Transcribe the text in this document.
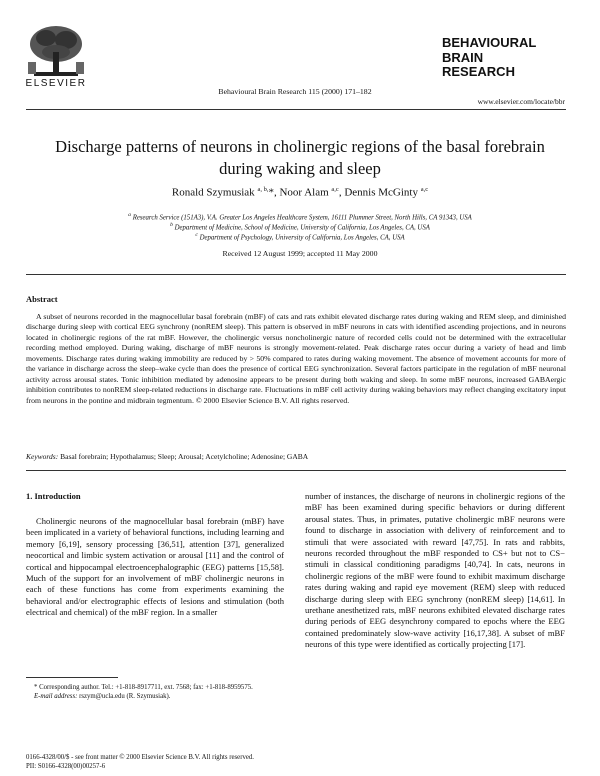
ELSEVIER
Behavioural Brain Research 115 (2000) 171–182
BEHAVIOURAL
BRAIN
RESEARCH
www.elsevier.com/locate/bbr
Discharge patterns of neurons in cholinergic regions of the basal forebrain during waking and sleep
Ronald Szymusiak $^{a, b,}$*, Noor Alam $^{a,c}$, Dennis McGinty $^{a,c}$
$^a$ Research Service (151A3), V.A. Greater Los Angeles Healthcare System, 16111 Plummer Street, North Hills, CA 91343, USA
$^b$ Department of Medicine, School of Medicine, University of California, Los Angeles, CA, USA
$^c$ Department of Psychology, University of California, Los Angeles, CA, USA
Received 12 August 1999; accepted 11 May 2000
Abstract
A subset of neurons recorded in the magnocellular basal forebrain (mBF) of cats and rats exhibit elevated discharge rates during waking and REM sleep, and diminished discharge during sleep with cortical EEG synchrony (nonREM sleep). This pattern is observed in mBF neurons in cats with identified ascending projections, and in neurons located in cholinergic regions of the rat mBF. However, the cholinergic versus noncholinergic nature of recorded cells could not be determined with the extracellular recording method employed. During waking, discharge of mBF neurons is strongly movement-related. Peak discharge rates occur during a variety of head and limb movements. Discharge rates during waking immobility are reduced by > 50% compared to rates during waking movement. The absence of movement accounts for more of the variance in discharge across the sleep–wake cycle than does the presence of cortical EEG synchronization. Several factors participate in the regulation of mBF neuronal activity across arousal states. Tonic inhibition mediated by adenosine appears to be present during both waking and sleep. In some mBF neurons, increased GABAergic inhibition contributes to nonREM sleep-related reductions in discharge rate. Fluctuations in mBF cell activity during waking behaviors may reflect changing excitatory input from neurons in the pontine and midbrain tegmentum. © 2000 Elsevier Science B.V. All rights reserved.
Keywords: Basal forebrain; Hypothalamus; Sleep; Arousal; Acetylcholine; Adenosine; GABA
1. Introduction
Cholinergic neurons of the magnocellular basal forebrain (mBF) have been implicated in a variety of behavioral functions, including learning and memory [6,19], sensory processing [36,51], attention [37], generalized neocortical and limbic system activation or arousal [11] and the control of cortical and hippocampal electroencephalographic (EEG) patterns [15,58]. Much of the support for an involvement of mBF cholinergic neurons in each of these functions has come from experiments examining the behavioral and/or electrographic effects of lesions and stimulation (both electrical and chemical) of the mBF region. In a smaller
number of instances, the discharge of neurons in cholinergic regions of the mBF has been examined during specific behaviors or during different arousal states. Thus, in primates, putative cholinergic mBF neurons were found to discharge in association with delivery of reinforcement and to stimuli that were associated with reward [47,75]. In rats and rabbits, neurons recorded throughout the mBF responded to CS+ but not to CS− stimuli in classical conditioning paradigms [40,74]. In cats, neurons in cholinergic regions of the mBF were found to exhibit maximum discharge rates during waking and rapid eye movement (REM) sleep with reduced discharge during sleep with EEG synchrony (nonREM sleep) [14,61]. In urethane anesthetized rats, mBF neurons exhibited elevated discharge rates during periods of EEG desynchrony compared to epochs where the EEG contained predominately slow-wave activity [16,17,38]. A subset of mBF neurons of this type were identified as cortically projecting [17].
* Corresponding author. Tel.: +1-818-8917711, ext. 7568; fax: +1-818-8959575.
E-mail address: rszym@ucla.edu (R. Szymusiak).
0166-4328/00/$ - see front matter © 2000 Elsevier Science B.V. All rights reserved.
PII: S0166-4328(00)00257-6
